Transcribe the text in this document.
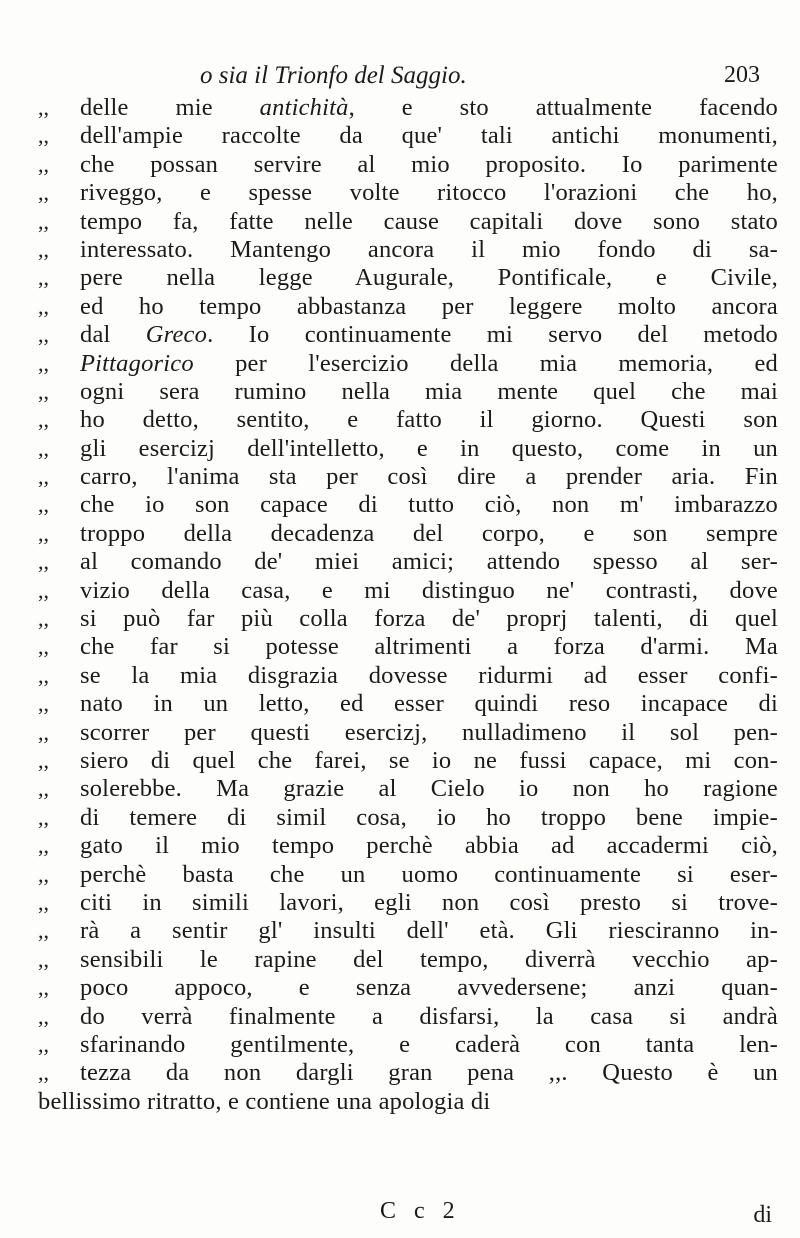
o sia il Trionfo del Saggio.	203
,,	delle mie antichità, e sto attualmente facendo
,,	dell'ampie raccolte da que' tali antichi monumenti,
,,	che possan servire al mio proposito. Io parimente
,,	riveggo, e spesse volte ritocco l'orazioni che ho,
,,	tempo fa, fatte nelle cause capitali dove sono stato
,,	interessato. Mantengo ancora il mio fondo di sa-
,,	pere nella legge Augurale, Pontificale, e Civile,
,,	ed ho tempo abbastanza per leggere molto ancora
,,	dal Greco. Io continuamente mi servo del metodo
,,	Pittagorico per l'esercizio della mia memoria, ed
,,	ogni sera rumino nella mia mente quel che mai
,,	ho detto, sentito, e fatto il giorno. Questi son
,,	gli esercizj dell'intelletto, e in questo, come in un
,,	carro, l'anima sta per così dire a prender aria. Fin
,,	che io son capace di tutto ciò, non m' imbarazzo
,,	troppo della decadenza del corpo, e son sempre
,,	al comando de' miei amici; attendo spesso al ser-
,,	vizio della casa, e mi distinguo ne' contrasti, dove
,,	si può far più colla forza de' proprj talenti, di quel
,,	che far si potesse altrimenti a forza d'armi. Ma
,,	se la mia disgrazia dovesse ridurmi ad esser confi-
,,	nato in un letto, ed esser quindi reso incapace di
,,	scorrer per questi esercizj, nulladimeno il sol pen-
,,	siero di quel che farei, se io ne fussi capace, mi con-
,,	solerebbe. Ma grazie al Cielo io non ho ragione
,,	di temere di simil cosa, io ho troppo bene impie-
,,	gato il mio tempo perchè abbia ad accadermi ciò,
,,	perchè basta che un uomo continuamente si eser-
,,	citi in simili lavori, egli non così presto si trove-
,,	rà a sentir gl' insulti dell' età. Gli riesciranno in-
,,	sensibili le rapine del tempo, diverrà vecchio ap-
,,	poco appoco, e senza avvedersene; anzi quan-
,,	do verrà finalmente a disfarsi, la casa si andrà
,,	sfarinando gentilmente, e caderà con tanta len-
,,	tezza da non dargli gran pena ,,. Questo è un
bellissimo ritratto, e contiene una apologia di
C c 2	di
